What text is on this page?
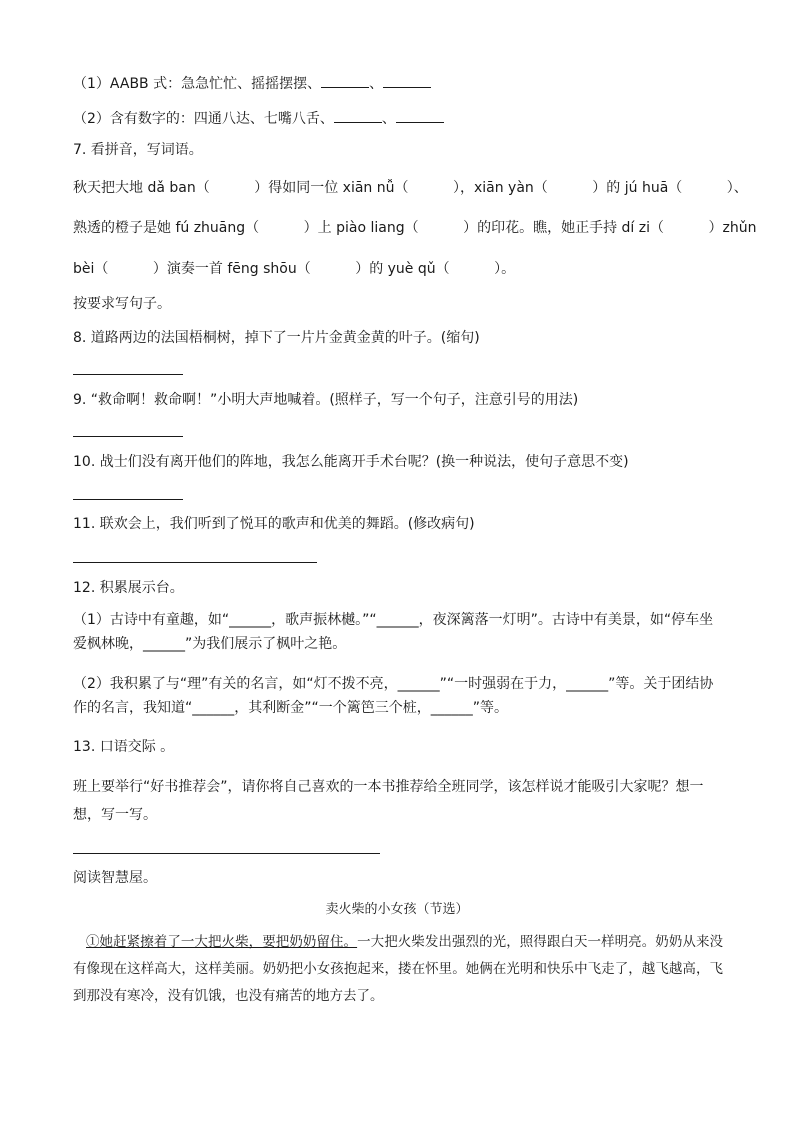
（1）AABB 式：急急忙忙、摇摇摆摆、	、
（2）含有数字的：四通八达、七嘴八舌、	、
7. 看拼音，写词语。
秋天把大地 dǎ ban（          ）得如同一位 xiān nǚ（          ），xiān yàn（          ）的 jú huā（          ）、
熟透的橙子是她 fú zhuāng（          ）上 piào liang（          ）的印花。瞧，她正手持 dí zi（          ）zhǔn
bèi（          ）演奏一首 fēng shōu（          ）的 yuè qǔ（          ）。
按要求写句子。
8. 道路两边的法国梧桐树，掉下了一片片金黄金黄的叶子。(缩句)
9. “救命啊！救命啊！”小明大声地喊着。(照样子，写一个句子，注意引号的用法)
10. 战士们没有离开他们的阵地，我怎么能离开手术台呢？(换一种说法，使句子意思不变)
11. 联欢会上，我们听到了悦耳的歌声和优美的舞蹈。(修改病句)
12. 积累展示台。
（1）古诗中有童趣，如“______，歌声振林樾。”“______，夜深篱落一灯明”。古诗中有美景，如“停车坐爱枫林晚，______”为我们展示了枫叶之艳。
（2）我积累了与“理”有关的名言，如“灯不拨不亮，______”“一时强弱在于力，______”等。关于团结协作的名言，我知道“______，其利断金”“一个篱笆三个桩，______”等。
13. 口语交际 。
班上要举行“好书推荐会”，请你将自己喜欢的一本书推荐给全班同学，该怎样说才能吸引大家呢？想一想，写一写。
阅读智慧屋。
卖火柴的小女孩（节选）
①她赶紧擦着了一大把火柴，要把奶奶留住。一大把火柴发出强烈的光，照得跟白天一样明亮。奶奶从来没有像现在这样高大，这样美丽。奶奶把小女孩抱起来，搂在怀里。她俩在光明和快乐中飞走了，越飞越高，飞到那没有寒冷，没有饥饿，也没有痛苦的地方去了。
